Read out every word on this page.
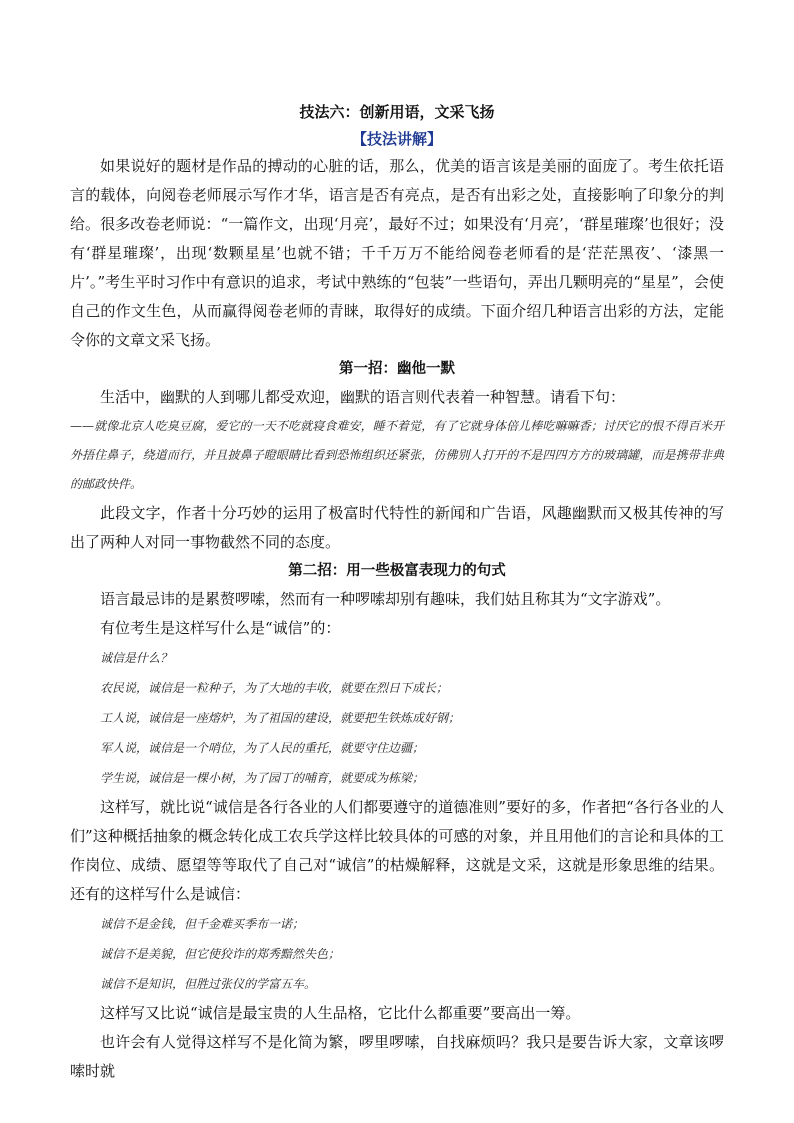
技法六：创新用语，文采飞扬

【技法讲解】

如果说好的题材是作品的搏动的心脏的话，那么，优美的语言该是美丽的面庞了。考生依托语言的载体，向阅卷老师展示写作才华，语言是否有亮点，是否有出彩之处，直接影响了印象分的判给。很多改卷老师说：“一篇作文，出现‘月亮’，最好不过；如果没有‘月亮’，‘群星璀璨’也很好；没有‘群星璀璨’，出现‘数颗星星’也就不错；千千万万不能给阅卷老师看的是‘茫茫黑夜’、‘漆黑一片’。”考生平时习作中有意识的追求，考试中熟练的“包装”一些语句，弄出几颗明亮的“星星”，会使自己的作文生色，从而赢得阅卷老师的青睐，取得好的成绩。下面介绍几种语言出彩的方法，定能令你的文章文采飞扬。

第一招：幽他一默

生活中，幽默的人到哪儿都受欢迎，幽默的语言则代表着一种智慧。请看下句：

——就像北京人吃臭豆腐，爱它的一天不吃就寝食难安，睡不着觉，有了它就身体倍儿棒吃嘛嘛香；讨厌它的恨不得百米开外捂住鼻子，绕道而行，并且披鼻子瞪眼睛比看到恐怖组织还紧张，仿佛别人打开的不是四四方方的玻璃罐，而是携带非典的邮政快件。

此段文字，作者十分巧妙的运用了极富时代特性的新闻和广告语，风趣幽默而又极其传神的写出了两种人对同一事物截然不同的态度。

第二招：用一些极富表现力的句式

语言最忌讳的是累赘啰嗦，然而有一种啰嗦却别有趣味，我们姑且称其为“文字游戏”。

有位考生是这样写什么是“诚信”的：

诚信是什么？

农民说，诚信是一粒种子，为了大地的丰收，就要在烈日下成长；

工人说，诚信是一座熔炉，为了祖国的建设，就要把生铁炼成好钢；

军人说，诚信是一个哨位，为了人民的重托，就要守住边疆；

学生说，诚信是一棵小树，为了园丁的哺育，就要成为栋梁；

这样写，就比说“诚信是各行各业的人们都要遵守的道德准则”要好的多，作者把“各行各业的人们”这种概括抽象的概念转化成工农兵学这样比较具体的可感的对象，并且用他们的言论和具体的工作岗位、成绩、愿望等等取代了自己对“诚信”的枯燥解释，这就是文采，这就是形象思维的结果。还有的这样写什么是诚信：

诚信不是金钱，但千金难买季布一诺；

诚信不是美貌，但它使狡诈的郑秀黯然失色；

诚信不是知识，但胜过张仪的学富五车。

这样写又比说“诚信是最宝贵的人生品格，它比什么都重要”要高出一筹。

也许会有人觉得这样写不是化简为繁，啰里啰嗦，自找麻烦吗？我只是要告诉大家，文章该啰嗦时就
